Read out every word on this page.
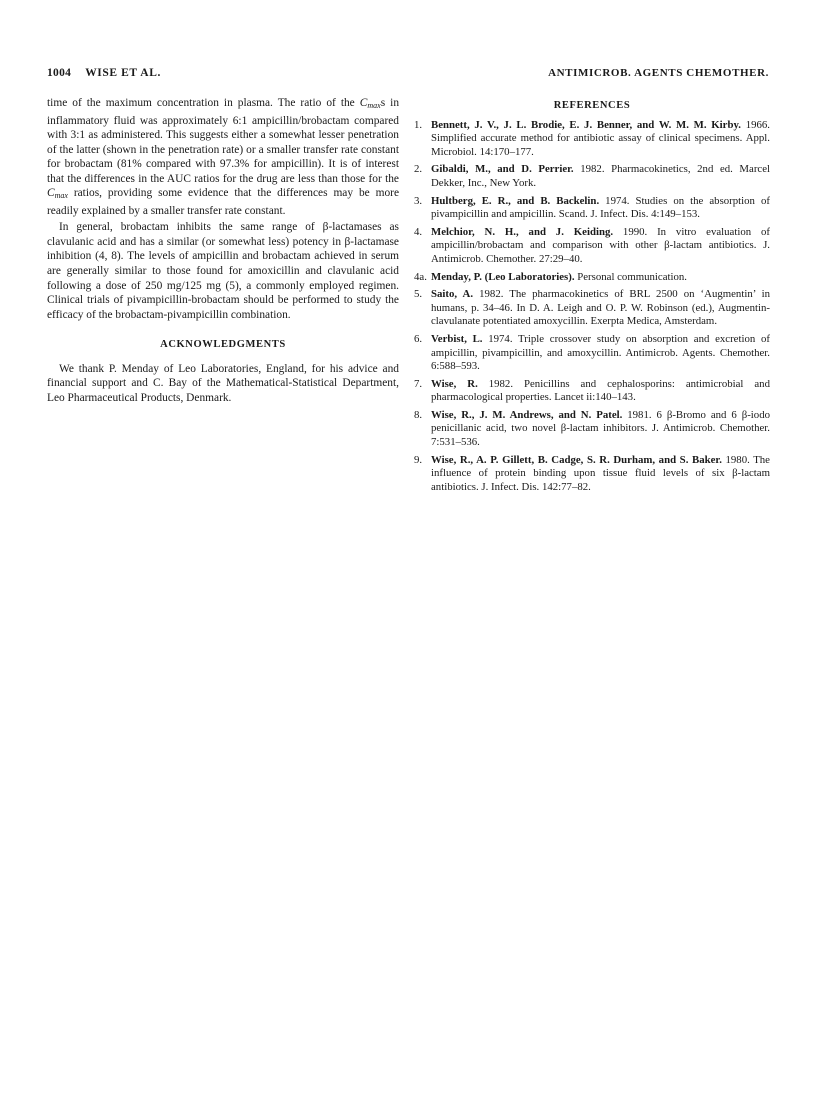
1004 WISE ET AL.	ANTIMICROB. AGENTS CHEMOTHER.

time of the maximum concentration in plasma. The ratio of the $C_{max}s$ in inflammatory fluid was approximately 6:1 ampicillin/brobactam compared with 3:1 as administered. This suggests either a somewhat lesser penetration of the latter (shown in the penetration rate) or a smaller transfer rate constant for brobactam (81% compared with 97.3% for ampicillin). It is of interest that the differences in the AUC ratios for the drug are less than those for the $C_{max}$ ratios, providing some evidence that the differences may be more readily explained by a smaller transfer rate constant.

In general, brobactam inhibits the same range of β-lactamases as clavulanic acid and has a similar (or somewhat less) potency in β-lactamase inhibition (4, 8). The levels of ampicillin and brobactam achieved in serum are generally similar to those found for amoxicillin and clavulanic acid following a dose of 250 mg/125 mg (5), a commonly employed regimen. Clinical trials of pivampicillin-brobactam should be performed to study the efficacy of the brobactam-pivampicillin combination.

ACKNOWLEDGMENTS

We thank P. Menday of Leo Laboratories, England, for his advice and financial support and C. Bay of the Mathematical-Statistical Department, Leo Pharmaceutical Products, Denmark.

REFERENCES
1. Bennett, J. V., J. L. Brodie, E. J. Benner, and W. M. M. Kirby. 1966. Simplified accurate method for antibiotic assay of clinical specimens. Appl. Microbiol. 14:170–177.
2. Gibaldi, M., and D. Perrier. 1982. Pharmacokinetics, 2nd ed. Marcel Dekker, Inc., New York.
3. Hultberg, E. R., and B. Backelin. 1974. Studies on the absorption of pivampicillin and ampicillin. Scand. J. Infect. Dis. 4:149–153.
4. Melchior, N. H., and J. Keiding. 1990. In vitro evaluation of ampicillin/brobactam and comparison with other β-lactam antibiotics. J. Antimicrob. Chemother. 27:29–40.
4a. Menday, P. (Leo Laboratories). Personal communication.
5. Saito, A. 1982. The pharmacokinetics of BRL 2500 on ‘Augmentin’ in humans, p. 34–46. In D. A. Leigh and O. P. W. Robinson (ed.), Augmentin-clavulanate potentiated amoxycillin. Exerpta Medica, Amsterdam.
6. Verbist, L. 1974. Triple crossover study on absorption and excretion of ampicillin, pivampicillin, and amoxycillin. Antimicrob. Agents. Chemother. 6:588–593.
7. Wise, R. 1982. Penicillins and cephalosporins: antimicrobial and pharmacological properties. Lancet ii:140–143.
8. Wise, R., J. M. Andrews, and N. Patel. 1981. 6 β-Bromo and 6 β-iodo penicillanic acid, two novel β-lactam inhibitors. J. Antimicrob. Chemother. 7:531–536.
9. Wise, R., A. P. Gillett, B. Cadge, S. R. Durham, and S. Baker. 1980. The influence of protein binding upon tissue fluid levels of six β-lactam antibiotics. J. Infect. Dis. 142:77–82.
